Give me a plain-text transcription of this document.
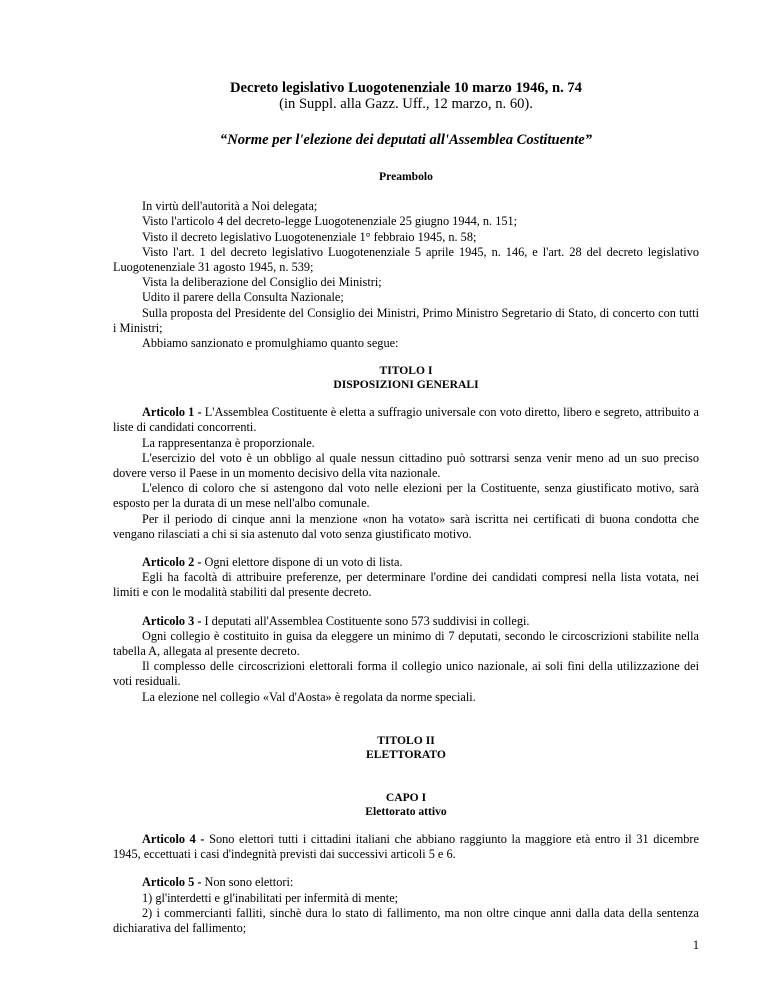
Decreto legislativo Luogotenenziale 10 marzo 1946, n. 74
(in Suppl. alla Gazz. Uff., 12 marzo, n. 60).
“Norme per l'elezione dei deputati all'Assemblea Costituente”
Preambolo

In virtù dell'autorità a Noi delegata;

Visto l'articolo 4 del decreto-legge Luogotenenziale 25 giugno 1944, n. 151;

Visto il decreto legislativo Luogotenenziale 1° febbraio 1945, n. 58;

Visto l'art. 1 del decreto legislativo Luogotenenziale 5 aprile 1945, n. 146, e l'art. 28 del decreto legislativo Luogotenenziale 31 agosto 1945, n. 539;

Vista la deliberazione del Consiglio dei Ministri;

Udito il parere della Consulta Nazionale;

Sulla proposta del Presidente del Consiglio dei Ministri, Primo Ministro Segretario di Stato, di concerto con tutti i Ministri;

Abbiamo sanzionato e promulghiamo quanto segue:

TITOLO I
DISPOSIZIONI GENERALI

Articolo 1 - L'Assemblea Costituente è eletta a suffragio universale con voto diretto, libero e segreto, attribuito a liste di candidati concorrenti.

La rappresentanza è proporzionale.

L'esercizio del voto è un obbligo al quale nessun cittadino può sottrarsi senza venir meno ad un suo preciso dovere verso il Paese in un momento decisivo della vita nazionale.

L'elenco di coloro che si astengono dal voto nelle elezioni per la Costituente, senza giustificato motivo, sarà esposto per la durata di un mese nell'albo comunale.

Per il periodo di cinque anni la menzione «non ha votato» sarà iscritta nei certificati di buona condotta che vengano rilasciati a chi si sia astenuto dal voto senza giustificato motivo.

Articolo 2 - Ogni elettore dispone di un voto di lista.

Egli ha facoltà di attribuire preferenze, per determinare l'ordine dei candidati compresi nella lista votata, nei limiti e con le modalità stabiliti dal presente decreto.

Articolo 3 - I deputati all'Assemblea Costituente sono 573 suddivisi in collegi.

Ogni collegio è costituito in guisa da eleggere un minimo di 7 deputati, secondo le circoscrizioni stabilite nella tabella A, allegata al presente decreto.

Il complesso delle circoscrizioni elettorali forma il collegio unico nazionale, ai soli fini della utilizzazione dei voti residuali.

La elezione nel collegio «Val d'Aosta» è regolata da norme speciali.

TITOLO II
ELETTORATO
CAPO I
Elettorato attivo

Articolo 4 - Sono elettori tutti i cittadini italiani che abbiano raggiunto la maggiore età entro il 31 dicembre 1945, eccettuati i casi d'indegnità previsti dai successivi articoli 5 e 6.

Articolo 5 - Non sono elettori:

1) gl'interdetti e gl'inabilitati per infermità di mente;

2) i commercianti falliti, sinchè dura lo stato di fallimento, ma non oltre cinque anni dalla data della sentenza dichiarativa del fallimento;

1
